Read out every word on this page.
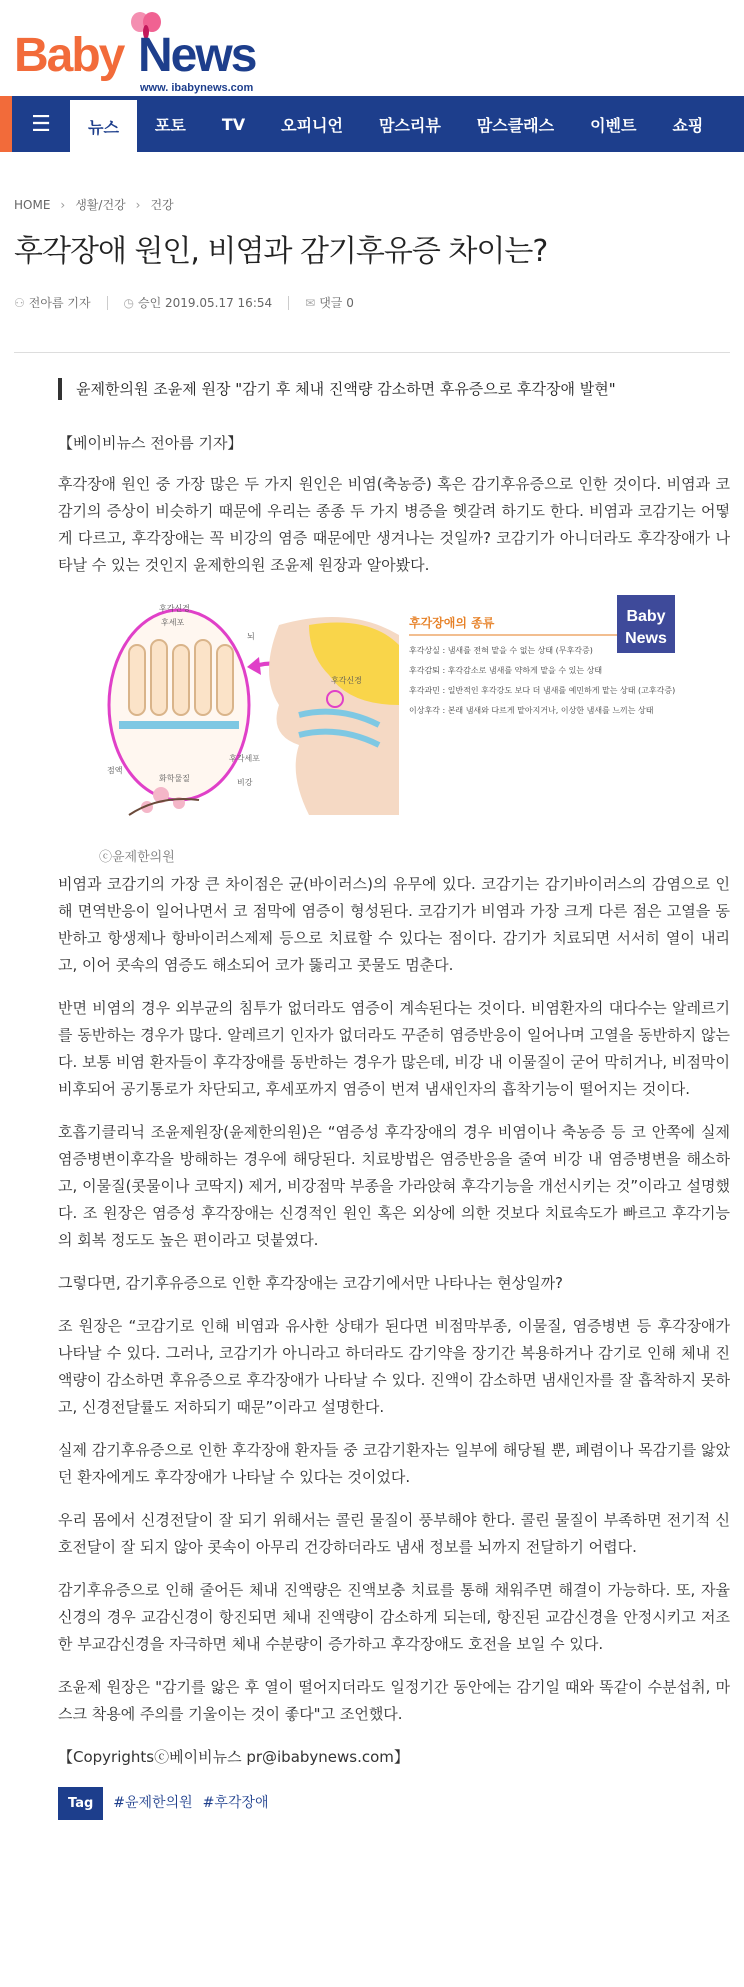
Baby News
www. ibabynews.com
☰	뉴스	포토	TV	오피니언	맘스리뷰	맘스클래스	이벤트	쇼핑
HOME › 생활/건강 › 건강
후각장애 원인, 비염과 감기후유증 차이는?
⚇ 전아름 기자	◷ 승인 2019.05.17 16:54	✉ 댓글 0
윤제한의원 조윤제 원장 "감기 후 체내 진액량 감소하면 후유증으로 후각장애 발현"

【베이비뉴스 전아름 기자】

후각장애 원인 중 가장 많은 두 가지 원인은 비염(축농증) 혹은 감기후유증으로 인한 것이다. 비염과 코감기의 증상이 비슷하기 때문에 우리는 종종 두 가지 병증을 헷갈려 하기도 한다. 비염과 코감기는 어떻게 다르고, 후각장애는 꼭 비강의 염증 때문에만 생겨나는 것일까? 코감기가 아니더라도 후각장애가 나타날 수 있는 것인지 윤제한의원 조윤제 원장과 알아봤다.

후각신경
후세포
뇌
후각신경
후각세포
점액
화학물질	비강
후각장애의 종류
후각상실 : 냄새를 전혀 맡을 수 없는 상태 (무후각증)
후각감퇴 : 후각감소로 냄새를 약하게 맡을 수 있는 상태
후각과민 : 일반적인 후각강도 보다 더 냄새를 예민하게 맡는 상태 (고후각증)
이상후각 : 본래 냄새와 다르게 맡아지거나, 이상한 냄새를 느끼는 상태
Baby
News
ⓒ윤제한의원

비염과 코감기의 가장 큰 차이점은 균(바이러스)의 유무에 있다. 코감기는 감기바이러스의 감염으로 인해 면역반응이 일어나면서 코 점막에 염증이 형성된다. 코감기가 비염과 가장 크게 다른 점은 고열을 동반하고 항생제나 항바이러스제제 등으로 치료할 수 있다는 점이다. 감기가 치료되면 서서히 열이 내리고, 이어 콧속의 염증도 해소되어 코가 뚫리고 콧물도 멈춘다.

반면 비염의 경우 외부균의 침투가 없더라도 염증이 계속된다는 것이다. 비염환자의 대다수는 알레르기를 동반하는 경우가 많다. 알레르기 인자가 없더라도 꾸준히 염증반응이 일어나며 고열을 동반하지 않는다. 보통 비염 환자들이 후각장애를 동반하는 경우가 많은데, 비강 내 이물질이 굳어 막히거나, 비점막이 비후되어 공기통로가 차단되고, 후세포까지 염증이 번져 냄새인자의 흡착기능이 떨어지는 것이다.

호흡기클리닉 조윤제원장(윤제한의원)은 “염증성 후각장애의 경우 비염이나 축농증 등 코 안쪽에 실제 염증병변이후각을 방해하는 경우에 해당된다. 치료방법은 염증반응을 줄여 비강 내 염증병변을 해소하고, 이물질(콧물이나 코딱지) 제거, 비강점막 부종을 가라앉혀 후각기능을 개선시키는 것”이라고 설명했다. 조 원장은 염증성 후각장애는 신경적인 원인 혹은 외상에 의한 것보다 치료속도가 빠르고 후각기능의 회복 정도도 높은 편이라고 덧붙였다.

그렇다면, 감기후유증으로 인한 후각장애는 코감기에서만 나타나는 현상일까?

조 원장은 “코감기로 인해 비염과 유사한 상태가 된다면 비점막부종, 이물질, 염증병변 등 후각장애가 나타날 수 있다. 그러나, 코감기가 아니라고 하더라도 감기약을 장기간 복용하거나 감기로 인해 체내 진액량이 감소하면 후유증으로 후각장애가 나타날 수 있다. 진액이 감소하면 냄새인자를 잘 흡착하지 못하고, 신경전달률도 저하되기 때문”이라고 설명한다.

실제 감기후유증으로 인한 후각장애 환자들 중 코감기환자는 일부에 해당될 뿐, 폐렴이나 목감기를 앓았던 환자에게도 후각장애가 나타날 수 있다는 것이었다.

우리 몸에서 신경전달이 잘 되기 위해서는 콜린 물질이 풍부해야 한다. 콜린 물질이 부족하면 전기적 신호전달이 잘 되지 않아 콧속이 아무리 건강하더라도 냄새 정보를 뇌까지 전달하기 어렵다.

감기후유증으로 인해 줄어든 체내 진액량은 진액보충 치료를 통해 채워주면 해결이 가능하다. 또, 자율신경의 경우 교감신경이 항진되면 체내 진액량이 감소하게 되는데, 항진된 교감신경을 안정시키고 저조한 부교감신경을 자극하면 체내 수분량이 증가하고 후각장애도 호전을 보일 수 있다.

조윤제 원장은 "감기를 앓은 후 열이 떨어지더라도 일정기간 동안에는 감기일 때와 똑같이 수분섭취, 마스크 착용에 주의를 기울이는 것이 좋다"고 조언했다.

【Copyrightsⓒ베이비뉴스 pr@ibabynews.com】

Tag	#윤제한의원 #후각장애
